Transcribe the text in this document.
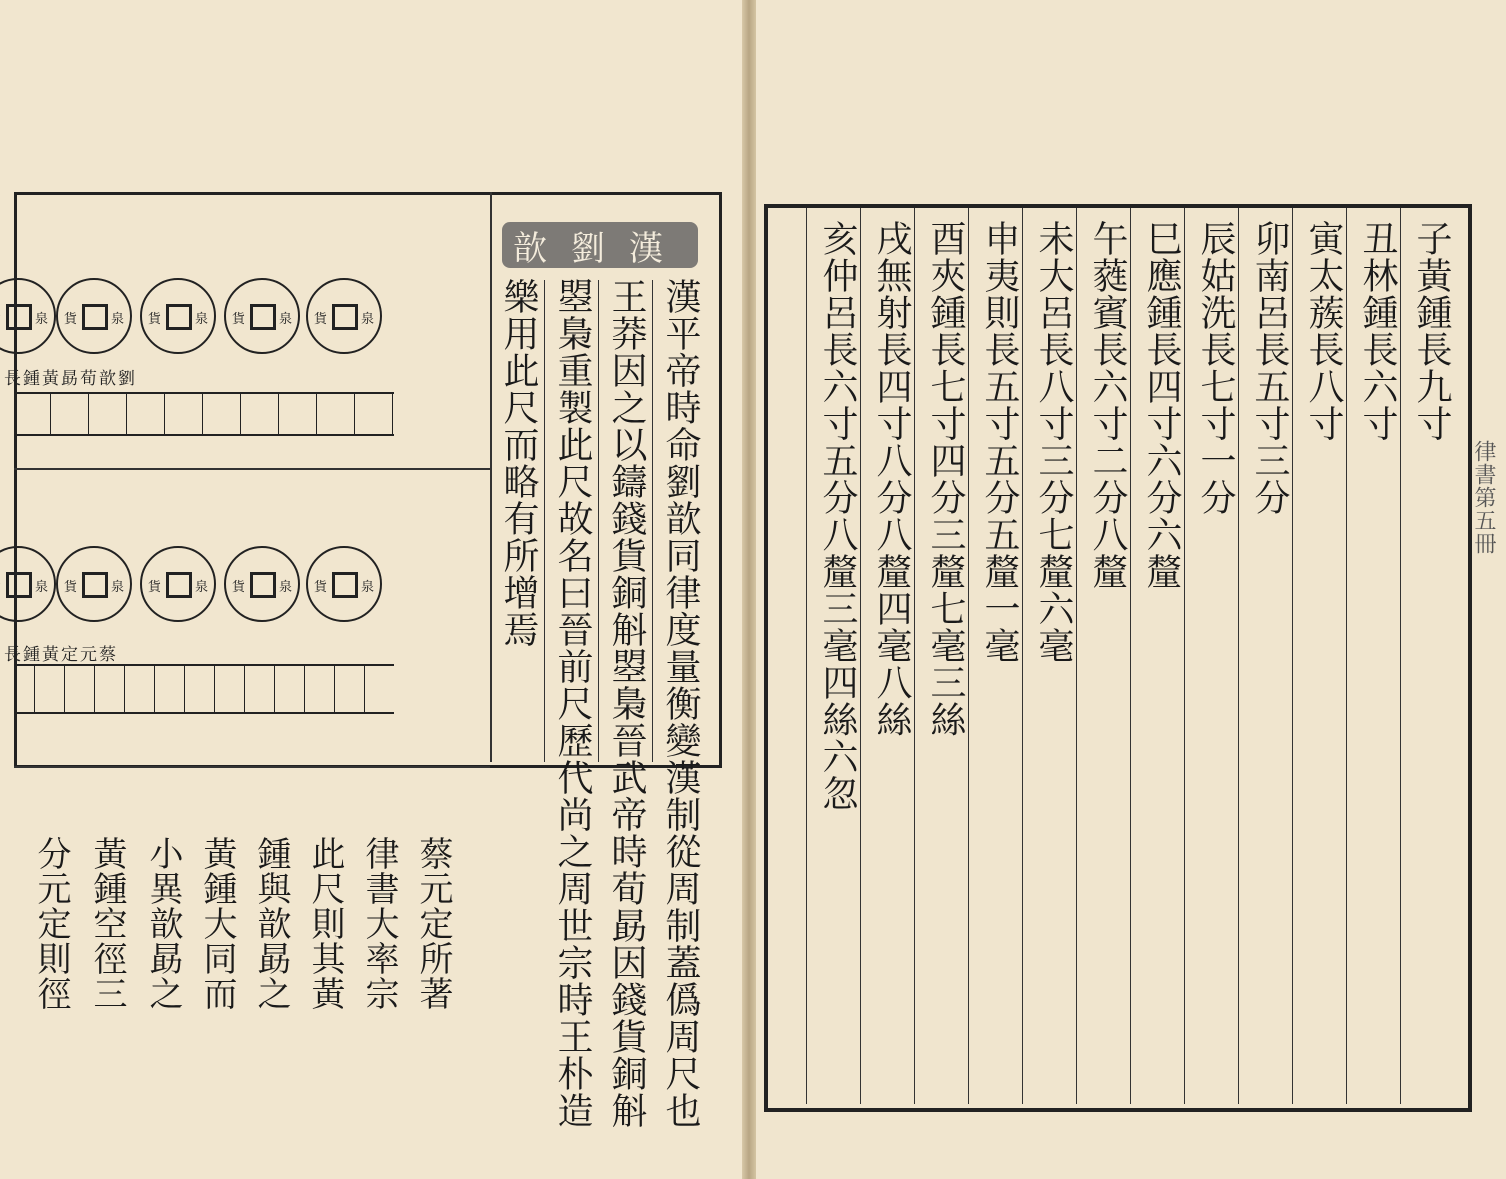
漢劉歆
漢平帝時命劉歆同律度量衡變漢制從周制蓋僞周尺也
王莽因之以鑄錢貨銅斛曌梟晉武帝時荀勗因錢貨銅斛
曌梟重製此尺故名曰晉前尺歷代尚之周世宗時王朴造
樂用此尺而略有所增焉
泉 貨	泉 貨	泉 貨	泉 貨	泉
劉歆荀勗黃鍾長
泉 貨	泉 貨	泉 貨	泉 貨	泉
蔡元定黃鍾長
蔡元定所著
律書大率宗
此尺則其黃
鍾與歆勗之
黃鍾大同而
小異歆勗之
黃鍾空徑三
分元定則徑
子黃鍾長九寸
丑林鍾長六寸
寅太蔟長八寸
卯南呂長五寸三分
辰姑洗長七寸一分
巳應鍾長四寸六分六釐
午蕤賓長六寸二分八釐
未大呂長八寸三分七釐六毫
申夷則長五寸五分五釐一毫
酉夾鍾長七寸四分三釐七毫三絲
戌無射長四寸八分八釐四毫八絲
亥仲呂長六寸五分八釐三毫四絲六忽	律書第五冊
